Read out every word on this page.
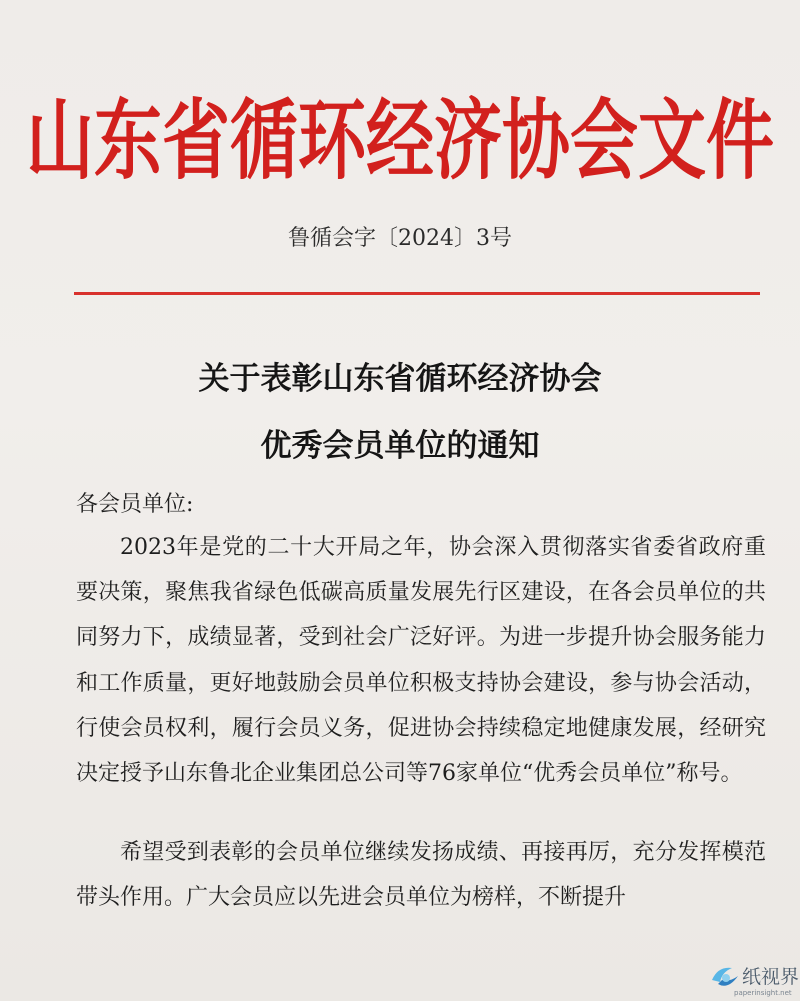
山东省循环经济协会文件
鲁循会字〔2024〕3号
关于表彰山东省循环经济协会
优秀会员单位的通知
各会员单位:

2023年是党的二十大开局之年，协会深入贯彻落实省委省政府重要决策，聚焦我省绿色低碳高质量发展先行区建设，在各会员单位的共同努力下，成绩显著，受到社会广泛好评。为进一步提升协会服务能力和工作质量，更好地鼓励会员单位积极支持协会建设，参与协会活动，行使会员权利，履行会员义务，促进协会持续稳定地健康发展，经研究决定授予山东鲁北企业集团总公司等76家单位“优秀会员单位”称号。

希望受到表彰的会员单位继续发扬成绩、再接再厉，充分发挥模范带头作用。广大会员应以先进会员单位为榜样，不断提升

纸视界
paperinsight.net
